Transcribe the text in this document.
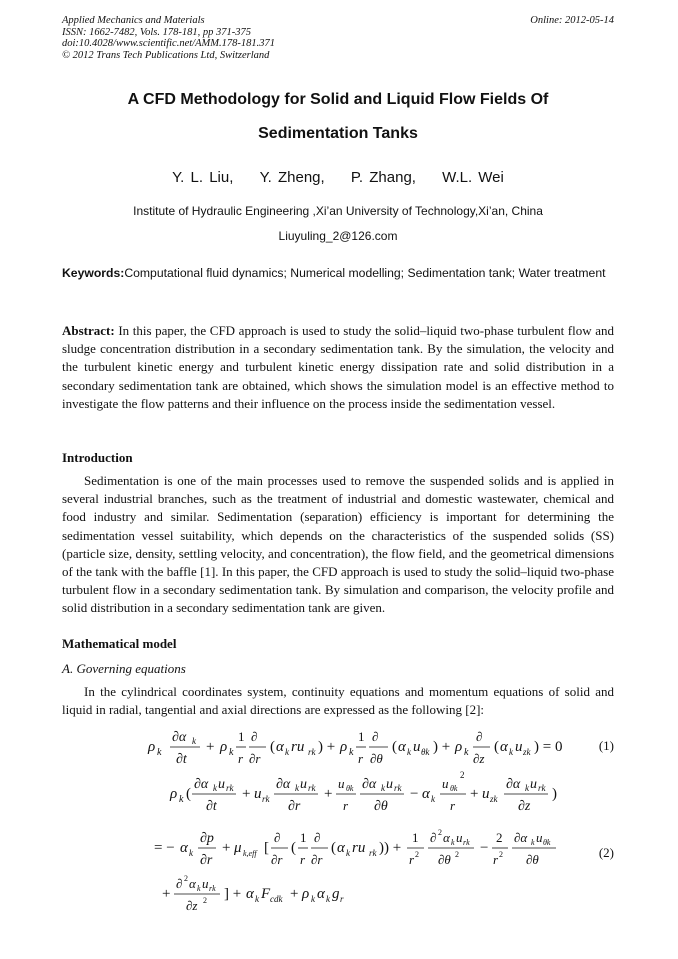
Applied Mechanics and Materials
ISSN: 1662-7482, Vols. 178-181, pp 371-375
doi:10.4028/www.scientific.net/AMM.178-181.371
© 2012 Trans Tech Publications Ltd, Switzerland
Online: 2012-05-14
A CFD Methodology for Solid and Liquid Flow Fields Of
Sedimentation Tanks
Y. L. Liu, Y. Zheng, P. Zhang, W.L. Wei
Institute of Hydraulic Engineering ,Xi’an University of Technology,Xi’an, China
Liuyuling_2@126.com
Keywords:Computational fluid dynamics; Numerical modelling; Sedimentation tank; Water treatment
Abstract: In this paper, the CFD approach is used to study the solid–liquid two-phase turbulent flow and sludge concentration distribution in a secondary sedimentation tank. By the simulation, the velocity and the turbulent kinetic energy and turbulent kinetic energy dissipation rate and solid distribution in a secondary sedimentation tank are obtained, which shows the simulation model is an effective method to investigate the flow patterns and their influence on the process inside the sedimentation vessel.
Introduction
Sedimentation is one of the main processes used to remove the suspended solids and is applied in several industrial branches, such as the treatment of industrial and domestic wastewater, chemical and food industry and similar. Sedimentation (separation) efficiency is important for determining the sedimentation vessel suitability, which depends on the characteristics of the suspended solids (SS) (particle size, density, settling velocity, and concentration), the flow field, and the geometrical dimensions of the tank with the baffle [1]. In this paper, the CFD approach is used to study the solid–liquid two-phase turbulent flow in a secondary sedimentation tank. By simulation and comparison, the velocity profile and solid distribution in a secondary sedimentation tank are given.
Mathematical model
A. Governing equations
In the cylindrical coordinates system, continuity equations and momentum equations of solid and liquid in radial, tangential and axial directions are expressed as the following [2]:
ρ k
∂α k
∂t
+ ρ k
1
r
∂
∂r
( α k ru rk ) + ρ k
1
r
∂
∂θ
( α k u θk ) + ρ k
∂
∂z
( α k u zk ) = 0	(1)
ρ k (
∂α k u rk
∂t
+ u rk
∂α k u rk
∂r
+
u θk
r
∂α k u rk
∂θ
− α k
u θk
2
r
+ u zk
∂α k u rk
∂z
)
= − α k
∂p
∂r
+ μ k,eff [
∂
∂r
(
1
r
∂
∂r
( α k ru rk )) +
1
r 2
∂ 2 α k u rk
∂θ 2 −
2
r 2
∂α k u θk
∂θ
+
∂ 2 α k u rk
∂z 2 ] + α k F cdk + ρ k α k g r
(2)
